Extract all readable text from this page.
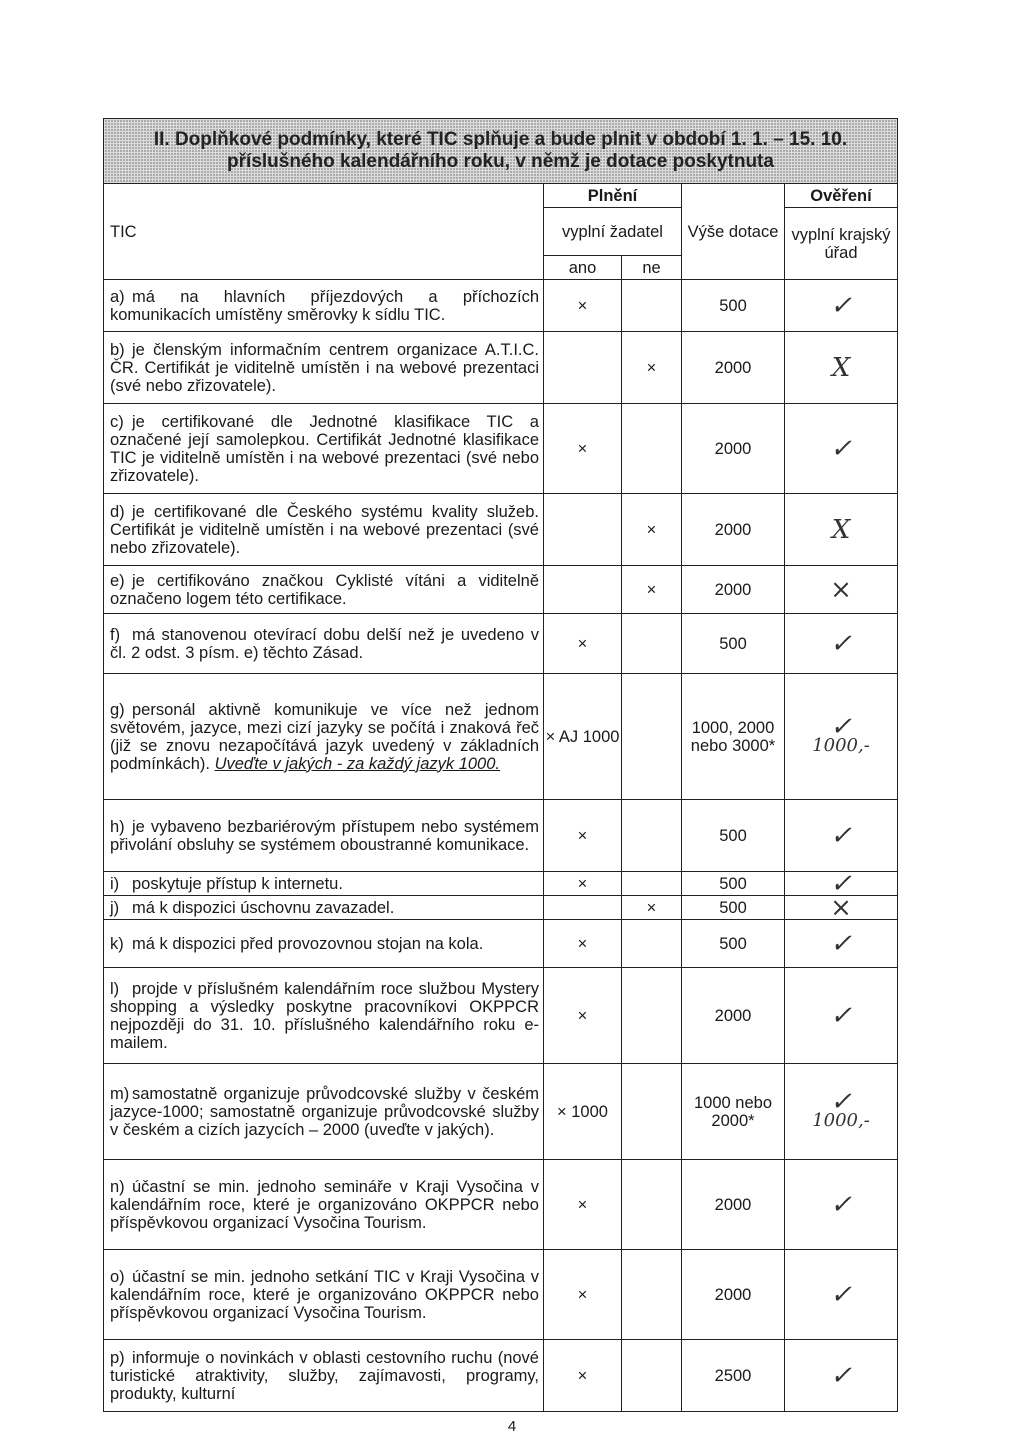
II. Doplňkové podmínky, které TIC splňuje a bude plnit v období 1. 1. – 15. 10.
příslušného kalendářního roku, v němž je dotace poskytnuta				

TIC	Plnění		Výše dotace	Ověření
	vyplní žadatel			vyplní krajský úřad
	ano	ne		
a) má na hlavních příjezdových a příchozích komunikacích umístěny směrovky k sídlu TIC.	×		500	✓
b) je členským informačním centrem organizace A.T.I.C. ČR. Certifikát je viditelně umístěn i na webové prezentaci (své nebo zřizovatele).		×	2000	X
c) je certifikované dle Jednotné klasifikace TIC a označené její samolepkou. Certifikát Jednotné klasifikace TIC je viditelně umístěn i na webové prezentaci (své nebo zřizovatele).	×		2000	✓
d) je certifikované dle Českého systému kvality služeb. Certifikát je viditelně umístěn i na webové prezentaci (své nebo zřizovatele).		×	2000	X
e) je certifikováno značkou Cyklisté vítáni a viditelně označeno logem této certifikace.		×	2000	×
f) má stanovenou otevírací dobu delší než je uvedeno v čl. 2 odst. 3 písm. e) těchto Zásad.	×		500	✓
g) personál aktivně komunikuje ve více než jednom světovém, jazyce, mezi cizí jazyky se počítá i znaková řeč (již se znovu nezapočítává jazyk uvedený v základních podmínkách). Uveďte v jakých - za každý jazyk 1000.	× AJ 1000		1000, 2000 nebo 3000*	✓
1000,-

h) je vybaveno bezbariérovým přístupem nebo systémem přivolání obsluhy se systémem oboustranné komunikace.	×		500	✓
i) poskytuje přístup k internetu.	×		500	✓
j) má k dispozici úschovnu zavazadel.		×	500	×
k) má k dispozici před provozovnou stojan na kola.	×		500	✓
l) projde v příslušném kalendářním roce službou Mystery shopping a výsledky poskytne pracovníkovi OKPPCR nejpozději do 31. 10. příslušného kalendářního roku e-mailem.	×		2000	✓
m) samostatně organizuje průvodcovské služby v českém jazyce-1000; samostatně organizuje průvodcovské služby v českém a cizích jazycích – 2000 (uveďte v jakých).	× 1000		1000 nebo 2000*	✓
1000,-

n) účastní se min. jednoho semináře v Kraji Vysočina v kalendářním roce, které je organizováno OKPPCR nebo příspěvkovou organizací Vysočina Tourism.	×		2000	✓
o) účastní se min. jednoho setkání TIC v Kraji Vysočina v kalendářním roce, které je organizováno OKPPCR nebo příspěvkovou organizací Vysočina Tourism.	×		2000	✓
p) informuje o novinkách v oblasti cestovního ruchu (nové turistické atraktivity, služby, zajímavosti, programy, produkty, kulturní	×		2500	✓
4
